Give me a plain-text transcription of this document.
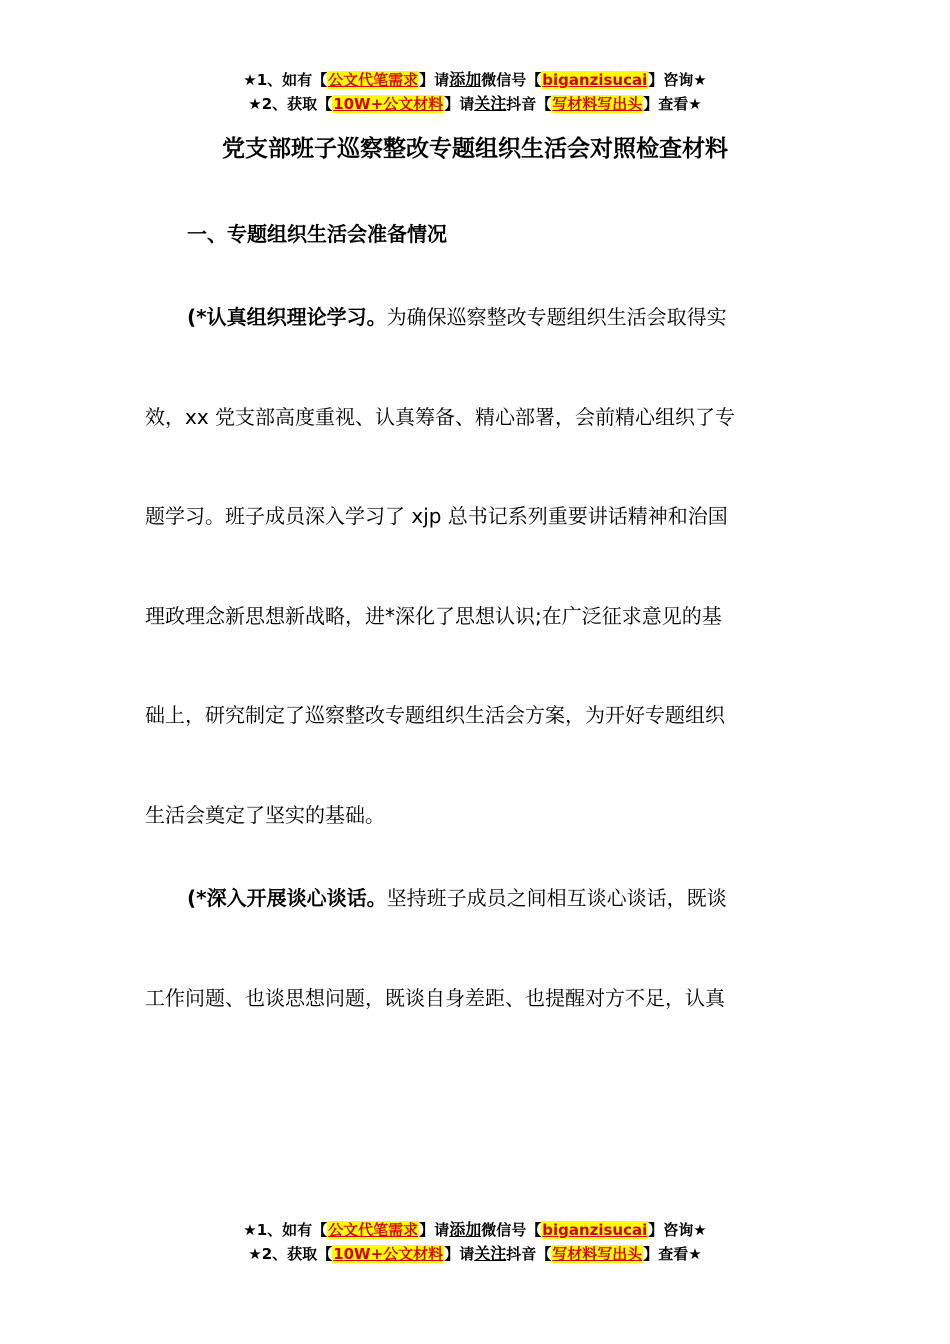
★1、如有【公文代笔需求】请添加微信号【biganzisucai】咨询★
★2、获取【10W+公文材料】请关注抖音【写材料写出头】查看★
党支部班子巡察整改专题组织生活会对照检查材料
一、专题组织生活会准备情况
(*认真组织理论学习。为确保巡察整改专题组织生活会取得实
效，xx 党支部高度重视、认真筹备、精心部署，会前精心组织了专
题学习。班子成员深入学习了 xjp 总书记系列重要讲话精神和治国
理政理念新思想新战略，进*深化了思想认识;在广泛征求意见的基
础上，研究制定了巡察整改专题组织生活会方案，为开好专题组织
生活会奠定了坚实的基础。
(*深入开展谈心谈话。坚持班子成员之间相互谈心谈话，既谈
工作问题、也谈思想问题，既谈自身差距、也提醒对方不足，认真
★1、如有【公文代笔需求】请添加微信号【biganzisucai】咨询★
★2、获取【10W+公文材料】请关注抖音【写材料写出头】查看★
